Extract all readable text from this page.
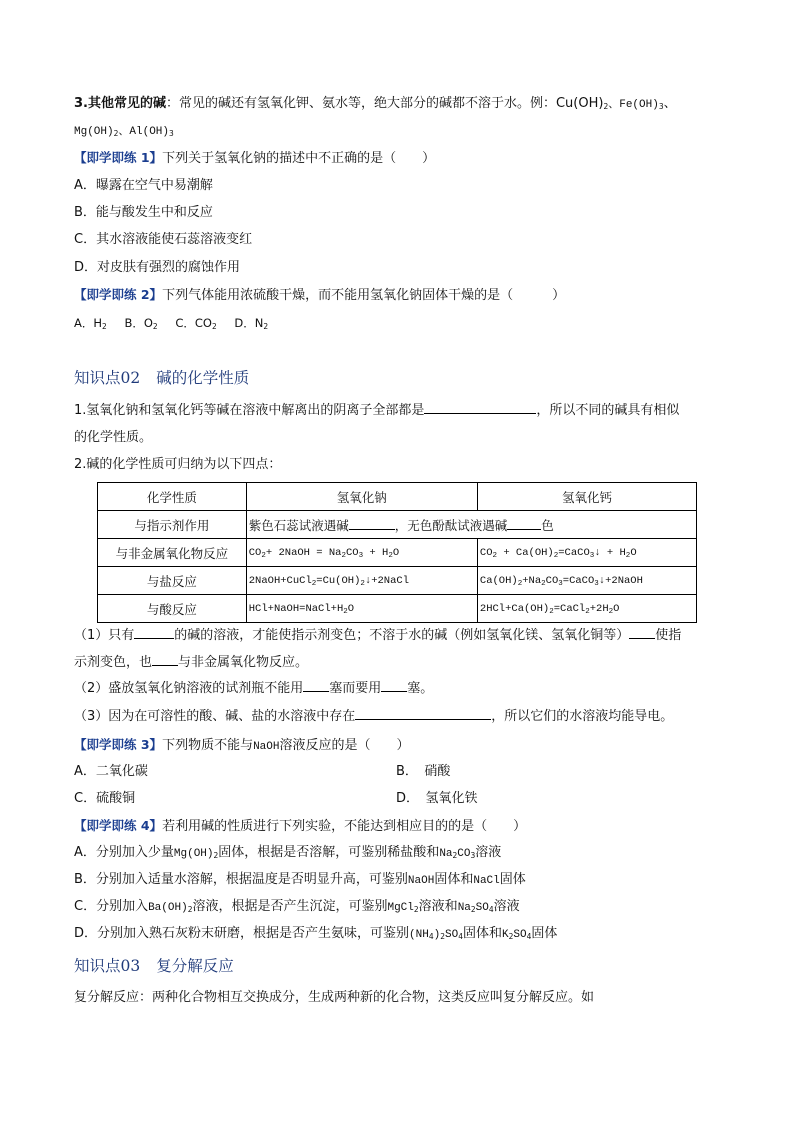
3.其他常见的碱：常见的碱还有氢氧化钾、氨水等，绝大部分的碱都不溶于水。例：$Cu(OH)_2$、$Fe(OH)_3$、
$Mg(OH)_2$、$Al(OH)_3$
【即学即练 1】下列关于氢氧化钠的描述中不正确的是（　　）
A．曝露在空气中易潮解
B．能与酸发生中和反应
C．其水溶液能使石蕊溶液变红
D．对皮肤有强烈的腐蚀作用
【即学即练 2】下列气体能用浓硫酸干燥，而不能用氢氧化钠固体干燥的是（　　　）
A．$H_2$ B．$O_2$ C．$CO_2$ D．$N_2$
知识点02 碱的化学性质
1.氢氧化钠和氢氧化钙等碱在溶液中解离出的阴离子全部都是	，所以不同的碱具有相似
的化学性质。
2.碱的化学性质可归纳为以下四点：
化学性质	氢氧化钠	氢氧化钙
与指示剂作用	紫色石蕊试液遇碱 ，无色酚酞试液遇碱 色	
与非金属氧化物反应	$CO_2+$ 2NaOH = $Na_2CO_3 + H_2O$	$CO_2$ + $Ca(OH)_2=CaCO_3↓ + H_2O$
与盐反应	$2NaOH+CuCl_2=Cu(OH)_2↓+2NaCl$	$Ca(OH)_2+Na_2CO_3=CaCO_3↓+2NaOH$
与酸反应	$HCl+NaOH=NaCl+H_2O$	$2HCl+Ca(OH)_2=CaCl_2+2H_2O$
（1）只有	的碱的溶液，才能使指示剂变色；不溶于水的碱（例如氢氧化镁、氢氧化铜等） 使指
示剂变色，也 与非金属氧化物反应。
（2）盛放氢氧化钠溶液的试剂瓶不能用 塞而要用 塞。
（3）因为在可溶性的酸、碱、盐的水溶液中存在	，所以它们的水溶液均能导电。
【即学即练 3】下列物质不能与NaOH溶液反应的是（　　）
A．二氧化碳	B．　硝酸
C．硫酸铜	D．　氢氧化铁
【即学即练 4】若利用碱的性质进行下列实验，不能达到相应目的的是（　　）
A．分别加入少量$Mg(OH)_2$固体，根据是否溶解，可鉴别稀盐酸和$Na_2CO_3$溶液
B．分别加入适量水溶解，根据温度是否明显升高，可鉴别NaOH固体和NaCl固体
C．分别加入$Ba(OH)_2$溶液，根据是否产生沉淀，可鉴别MgCl$_2$溶液和$Na_2SO_4$溶液
D．分别加入熟石灰粉末研磨，根据是否产生氨味，可鉴别$(NH_4)_2SO_4$固体和$K_2SO_4$固体
知识点03 复分解反应
复分解反应：两种化合物相互交换成分，生成两种新的化合物，这类反应叫复分解反应。如
